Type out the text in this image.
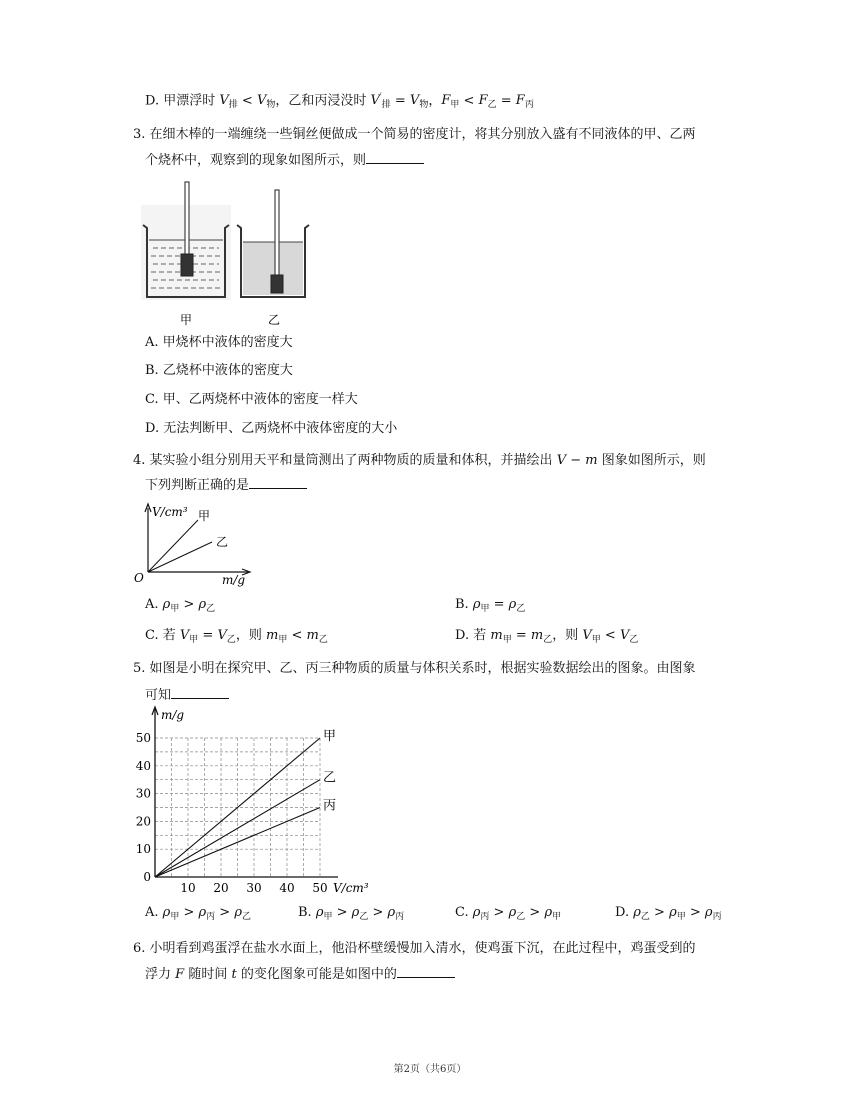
D. 甲漂浮时 $V_排 < V_物$，乙和丙浸没时 $V'_排 = V_物$，$F_甲 < F_乙 = F_丙$
3. 在细木棒的一端缠绕一些铜丝便做成一个简易的密度计，将其分别放入盛有不同液体的甲、乙两
个烧杯中，观察到的现象如图所示，则
甲	乙
A. 甲烧杯中液体的密度大
B. 乙烧杯中液体的密度大
C. 甲、乙两烧杯中液体的密度一样大
D. 无法判断甲、乙两烧杯中液体密度的大小
4. 某实验小组分别用天平和量筒测出了两种物质的质量和体积，并描绘出 V − m 图象如图所示，则
下列判断正确的是
V/cm³ 甲
乙
O	m/g
A. $\rho_甲 > \rho_乙$	B. $\rho_甲 = \rho_乙$
C. 若 $V_甲 = V_乙$，则 $m_甲 < m_乙$	D. 若 $m_甲 = m_乙$，则 $V_甲 < V_乙$
5. 如图是小明在探究甲、乙、丙三种物质的质量与体积关系时，根据实验数据绘出的图象。由图象
可知
甲
乙
丙
10 20 30 40 50
0
10
20
30
40
50
m/g
V/cm³
A. $\rho_甲 > \rho_丙 > \rho_乙$	B. $\rho_甲 > \rho_乙 > \rho_丙$	C. $\rho_丙 > \rho_乙 > \rho_甲$	D. $\rho_乙 > \rho_甲 > \rho_丙$
6. 小明看到鸡蛋浮在盐水水面上，他沿杯壁缓慢加入清水，使鸡蛋下沉，在此过程中，鸡蛋受到的
浮力 F 随时间 t 的变化图象可能是如图中的
第2页（共6页）
